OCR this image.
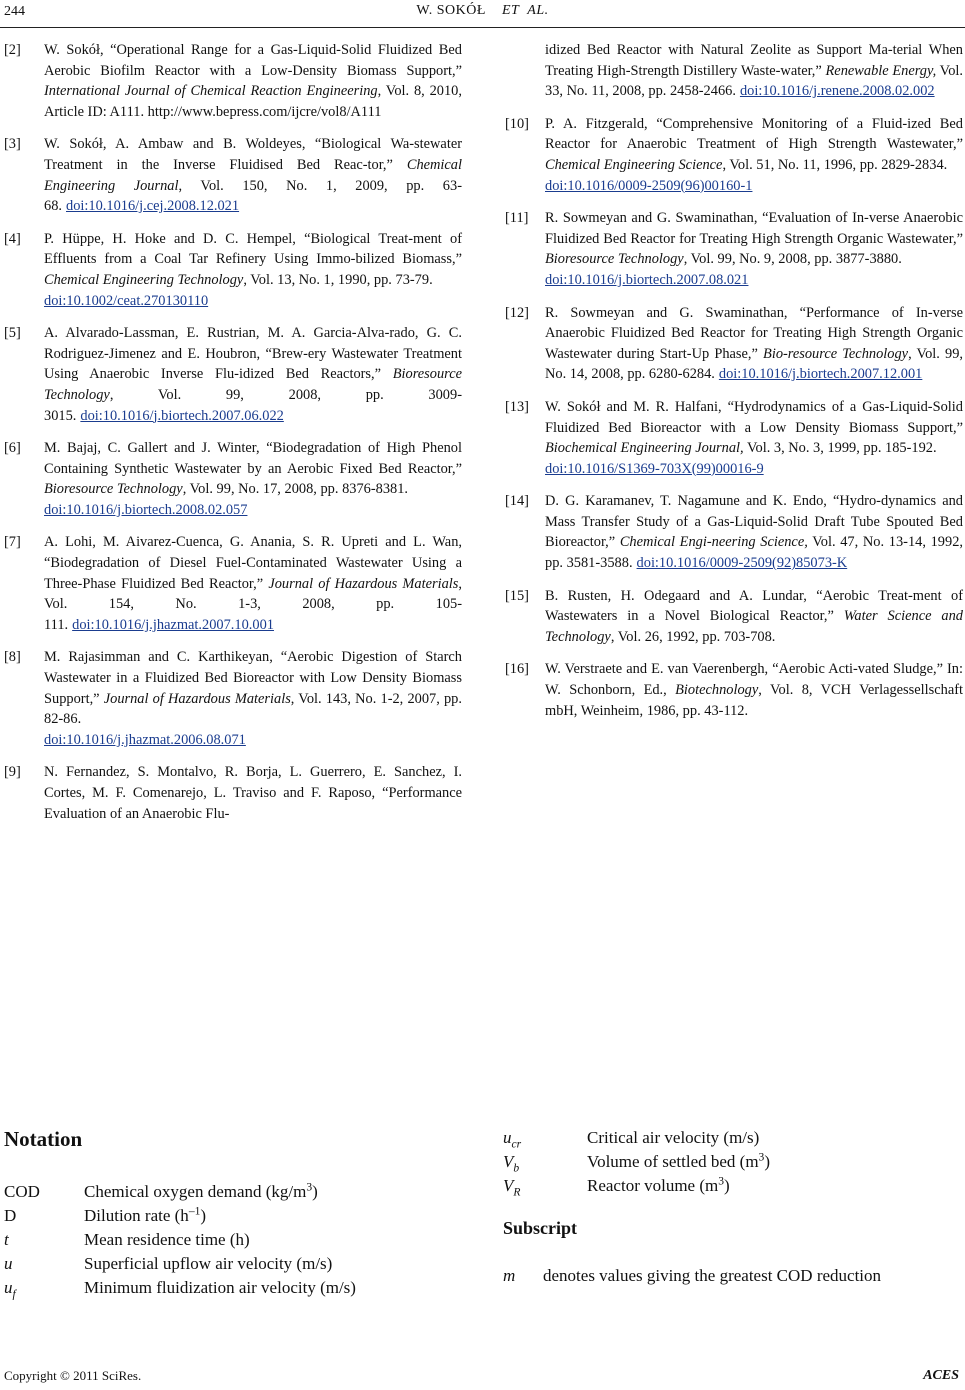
244	W. SOKÓŁ ET AL.
[2] W. Sokół, “Operational Range for a Gas-Liquid-Solid Fluidized Bed Aerobic Biofilm Reactor with a Low-Density Biomass Support,” International Journal of Chemical Reaction Engineering, Vol. 8, 2010, Article ID: A111. http://www.bepress.com/ijcre/vol8/A111
[3] W. Sokół, A. Ambaw and B. Woldeyes, “Biological Wa-stewater Treatment in the Inverse Fluidised Bed Reac-tor,” Chemical Engineering Journal, Vol. 150, No. 1, 2009, pp. 63-68. doi:10.1016/j.cej.2008.12.021
[4] P. Hüppe, H. Hoke and D. C. Hempel, “Biological Treat-ment of Effluents from a Coal Tar Refinery Using Immo-bilized Biomass,” Chemical Engineering Technology, Vol. 13, No. 1, 1990, pp. 73-79.
doi:10.1002/ceat.270130110
[5] A. Alvarado-Lassman, E. Rustrian, M. A. Garcia-Alva-rado, G. C. Rodriguez-Jimenez and E. Houbron, “Brew-ery Wastewater Treatment Using Anaerobic Inverse Flu-idized Bed Reactors,” Bioresource Technology, Vol. 99, 2008, pp. 3009-3015. doi:10.1016/j.biortech.2007.06.022
[6] M. Bajaj, C. Gallert and J. Winter, “Biodegradation of High Phenol Containing Synthetic Wastewater by an Aerobic Fixed Bed Reactor,” Bioresource Technology, Vol. 99, No. 17, 2008, pp. 8376-8381.
doi:10.1016/j.biortech.2008.02.057
[7] A. Lohi, M. Aivarez-Cuenca, G. Anania, S. R. Upreti and L. Wan, “Biodegradation of Diesel Fuel-Contaminated Wastewater Using a Three-Phase Fluidized Bed Reactor,” Journal of Hazardous Materials, Vol. 154, No. 1-3, 2008, pp. 105-111. doi:10.1016/j.jhazmat.2007.10.001
[8] M. Rajasimman and C. Karthikeyan, “Aerobic Digestion of Starch Wastewater in a Fluidized Bed Bioreactor with Low Density Biomass Support,” Journal of Hazardous Materials, Vol. 143, No. 1-2, 2007, pp. 82-86.
doi:10.1016/j.jhazmat.2006.08.071
[9] N. Fernandez, S. Montalvo, R. Borja, L. Guerrero, E. Sanchez, I. Cortes, M. F. Comenarejo, L. Traviso and F. Raposo, “Performance Evaluation of an Anaerobic Flu-
idized Bed Reactor with Natural Zeolite as Support Ma-terial When Treating High-Strength Distillery Waste-water,” Renewable Energy, Vol. 33, No. 11, 2008, pp. 2458-2466. doi:10.1016/j.renene.2008.02.002
[10] P. A. Fitzgerald, “Comprehensive Monitoring of a Fluid-ized Bed Reactor for Anaerobic Treatment of High Strength Wastewater,” Chemical Engineering Science, Vol. 51, No. 11, 1996, pp. 2829-2834.
doi:10.1016/0009-2509(96)00160-1
[11] R. Sowmeyan and G. Swaminathan, “Evaluation of In-verse Anaerobic Fluidized Bed Reactor for Treating High Strength Organic Wastewater,” Bioresource Technology, Vol. 99, No. 9, 2008, pp. 3877-3880.
doi:10.1016/j.biortech.2007.08.021
[12] R. Sowmeyan and G. Swaminathan, “Performance of In-verse Anaerobic Fluidized Bed Reactor for Treating High Strength Organic Wastewater during Start-Up Phase,” Bio-resource Technology, Vol. 99, No. 14, 2008, pp. 6280-6284. doi:10.1016/j.biortech.2007.12.001
[13] W. Sokół and M. R. Halfani, “Hydrodynamics of a Gas-Liquid-Solid Fluidized Bed Bioreactor with a Low Density Biomass Support,” Biochemical Engineering Journal, Vol. 3, No. 3, 1999, pp. 185-192.
doi:10.1016/S1369-703X(99)00016-9
[14] D. G. Karamanev, T. Nagamune and K. Endo, “Hydro-dynamics and Mass Transfer Study of a Gas-Liquid-Solid Draft Tube Spouted Bed Bioreactor,” Chemical Engi-neering Science, Vol. 47, No. 13-14, 1992, pp. 3581-3588. doi:10.1016/0009-2509(92)85073-K
[15] B. Rusten, H. Odegaard and A. Lundar, “Aerobic Treat-ment of Wastewaters in a Novel Biological Reactor,” Water Science and Technology, Vol. 26, 1992, pp. 703-708.
[16] W. Verstraete and E. van Vaerenbergh, “Aerobic Acti-vated Sludge,” In: W. Schonborn, Ed., Biotechnology, Vol. 8, VCH Verlagessellschaft mbH, Weinheim, 1986, pp. 43-112.
Notation
COD	Chemical oxygen demand $(kg/m^3)$
D	Dilution rate $(h^{-1})$
t	Mean residence time (h)
u	Superficial upflow air velocity (m/s)
$u_f$	Minimum fluidization air velocity (m/s)
$u_{cr}$	Critical air velocity (m/s)
$V_b$	Volume of settled bed $(m^3)$
$V_R$	Reactor volume $(m^3)$
Subscript
m denotes values giving the greatest COD reduction
Copyright © 2011 SciRes.	ACES
